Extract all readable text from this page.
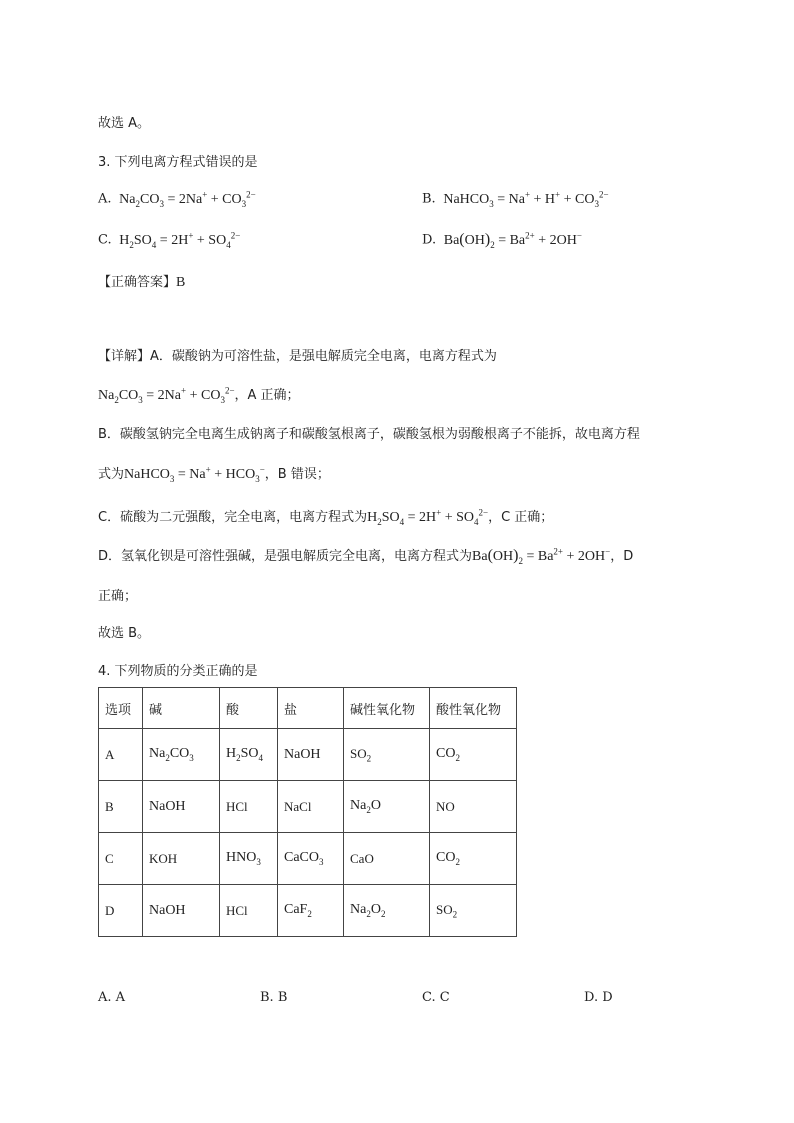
故选 A。
3. 下列电离方程式错误的是
A.  $Na_2CO_3 = 2Na^+ + CO_3^{2-}$	B.  NaHCO$_3$ = $Na^+ + H^+ + CO_3^{2-}$
C.  $H_2SO_4 = 2H^+ + SO_4^{2-}$	D.  $Ba(OH)_2 = Ba^{2+} + 2OH^-$
【正确答案】B
【详解】A．碳酸钠为可溶性盐，是强电解质完全电离，电离方程式为
$Na_2CO_3 = 2Na^+ + CO_3^{2-}$，A 正确；
B．碳酸氢钠完全电离生成钠离子和碳酸氢根离子，碳酸氢根为弱酸根离子不能拆，故电离方程
式为NaHCO$_3$ = $Na^+ + HCO_3^-$，B 错误；
C．硫酸为二元强酸，完全电离，电离方程式为$H_2SO_4 = 2H^+ + SO_4^{2-}$，C 正确；
D．氢氧化钡是可溶性强碱，是强电解质完全电离，电离方程式为$Ba(OH)_2 = Ba^{2+} + 2OH^-$，D
正确；
故选 B。
4. 下列物质的分类正确的是
选项	碱	酸	盐	碱性氧化物	酸性氧化物
A	$Na_2CO_3$	$H_2SO_4$	NaOH	$SO_2$	$CO_2$
B	NaOH	HCl	NaCl	$Na_2O$	NO
C	KOH	$HNO_3$	CaCO$_3$	CaO	$CO_2$
D	NaOH	HCl	CaF$_2$	$Na_2O_2$	$SO_2$
A. A	B. B	C. C	D. D
